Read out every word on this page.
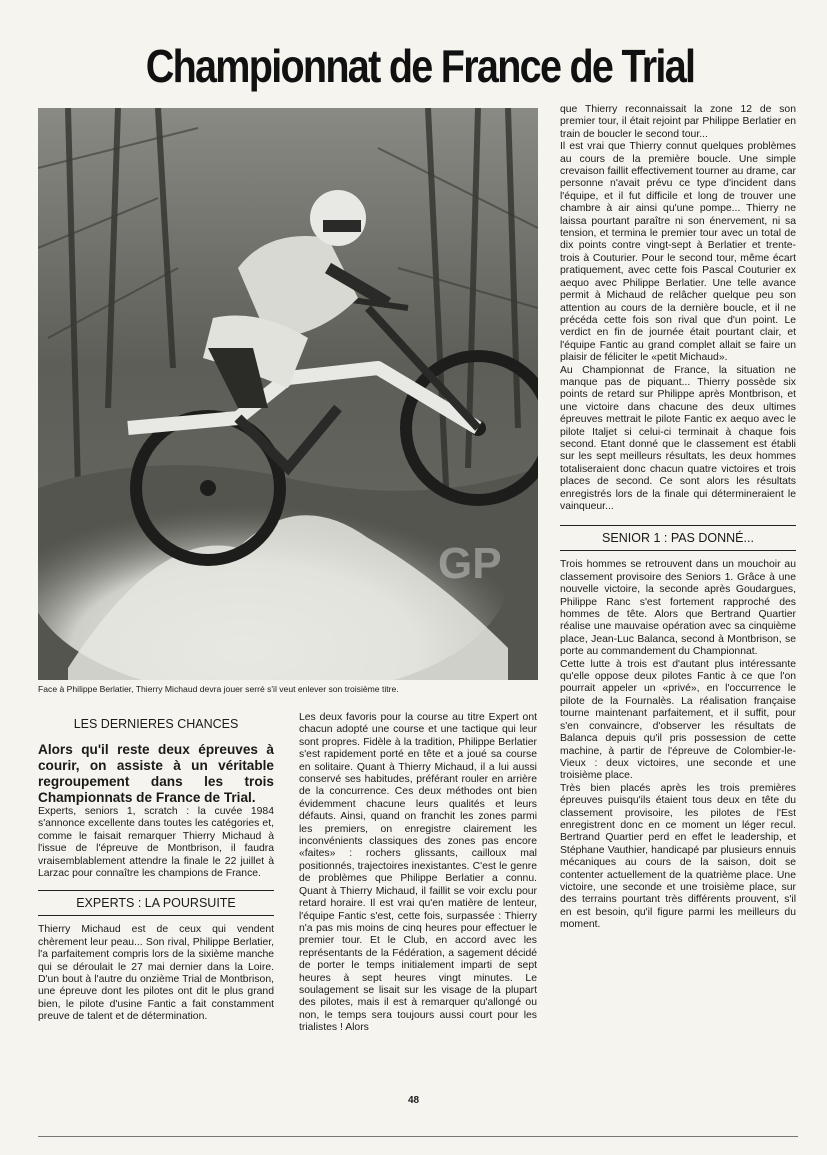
Championnat de France de Trial
GP
Face à Philippe Berlatier, Thierry Michaud devra jouer serré s'il veut enlever son troisième titre.
LES DERNIERES CHANCES

Alors qu'il reste deux épreuves à courir, on assiste à un véritable regroupement dans les trois Championnats de France de Trial.

Experts, seniors 1, scratch : la cuvée 1984 s'annonce excellente dans toutes les catégories et, comme le faisait remarquer Thierry Michaud à l'issue de l'épreuve de Montbrison, il faudra vraisemblablement attendre la finale le 22 juillet à Larzac pour connaître les champions de France.

EXPERTS : LA POURSUITE

Thierry Michaud est de ceux qui vendent chèrement leur peau... Son rival, Philippe Berlatier, l'a parfaitement compris lors de la sixième manche qui se déroulait le 27 mai dernier dans la Loire. D'un bout à l'autre du onzième Trial de Montbrison, une épreuve dont les pilotes ont dit le plus grand bien, le pilote d'usine Fantic a fait constamment preuve de talent et de détermination.

Les deux favoris pour la course au titre Expert ont chacun adopté une course et une tactique qui leur sont propres. Fidèle à la tradition, Philippe Berlatier s'est rapidement porté en tête et a joué sa course en solitaire. Quant à Thierry Michaud, il a lui aussi conservé ses habitudes, préférant rouler en arrière de la concurrence. Ces deux méthodes ont bien évidemment chacune leurs qualités et leurs défauts. Ainsi, quand on franchit les zones parmi les premiers, on enregistre clairement les inconvénients classiques des zones pas encore «faites» : rochers glissants, cailloux mal positionnés, trajectoires inexistantes. C'est le genre de problèmes que Philippe Berlatier a connu. Quant à Thierry Michaud, il faillit se voir exclu pour retard horaire. Il est vrai qu'en matière de lenteur, l'équipe Fantic s'est, cette fois, surpassée : Thierry n'a pas mis moins de cinq heures pour effectuer le premier tour. Et le Club, en accord avec les représentants de la Fédération, a sagement décidé de porter le temps initialement imparti de sept heures à sept heures vingt minutes. Le soulagement se lisait sur les visage de la plupart des pilotes, mais il est à remarquer qu'allongé ou non, le temps sera toujours aussi court pour les trialistes ! Alors

que Thierry reconnaissait la zone 12 de son premier tour, il était rejoint par Philippe Berlatier en train de boucler le second tour...

Il est vrai que Thierry connut quelques problèmes au cours de la première boucle. Une simple crevaison faillit effectivement tourner au drame, car personne n'avait prévu ce type d'incident dans l'équipe, et il fut difficile et long de trouver une chambre à air ainsi qu'une pompe... Thierry ne laissa pourtant paraître ni son énervement, ni sa tension, et termina le premier tour avec un total de dix points contre vingt-sept à Berlatier et trente-trois à Couturier. Pour le second tour, même écart pratiquement, avec cette fois Pascal Couturier ex aequo avec Philippe Berlatier. Une telle avance permit à Michaud de relâcher quelque peu son attention au cours de la dernière boucle, et il ne précéda cette fois son rival que d'un point. Le verdict en fin de journée était pourtant clair, et l'équipe Fantic au grand complet allait se faire un plaisir de féliciter le «petit Michaud».

Au Championnat de France, la situation ne manque pas de piquant... Thierry possède six points de retard sur Philippe après Montbrison, et une victoire dans chacune des deux ultimes épreuves mettrait le pilote Fantic ex aequo avec le pilote Italjet si celui-ci terminait à chaque fois second. Etant donné que le classement est établi sur les sept meilleurs résultats, les deux hommes totaliseraient donc chacun quatre victoires et trois places de second. Ce sont alors les résultats enregistrés lors de la finale qui détermineraient le vainqueur...

SENIOR 1 : PAS DONNÉ...

Trois hommes se retrouvent dans un mouchoir au classement provisoire des Seniors 1. Grâce à une nouvelle victoire, la seconde après Goudargues, Philippe Ranc s'est fortement rapproché des hommes de tête. Alors que Bertrand Quartier réalise une mauvaise opération avec sa cinquième place, Jean-Luc Balanca, second à Montbrison, se porte au commandement du Championnat.

Cette lutte à trois est d'autant plus intéressante qu'elle oppose deux pilotes Fantic à ce que l'on pourrait appeler un «privé», en l'occurrence le pilote de la Fournalès. La réalisation française tourne maintenant parfaitement, et il suffit, pour s'en convaincre, d'observer les résultats de Balanca depuis qu'il pris possession de cette machine, à partir de l'épreuve de Colombier-le-Vieux : deux victoires, une seconde et une troisième place.

Très bien placés après les trois premières épreuves puisqu'ils étaient tous deux en tête du classement provisoire, les pilotes de l'Est enregistrent donc en ce moment un léger recul. Bertrand Quartier perd en effet le leadership, et Stéphane Vauthier, handicapé par plusieurs ennuis mécaniques au cours de la saison, doit se contenter actuellement de la quatrième place. Une victoire, une seconde et une troisième place, sur des terrains pourtant très différents prouvent, s'il en est besoin, qu'il figure parmi les meilleurs du moment.

48
